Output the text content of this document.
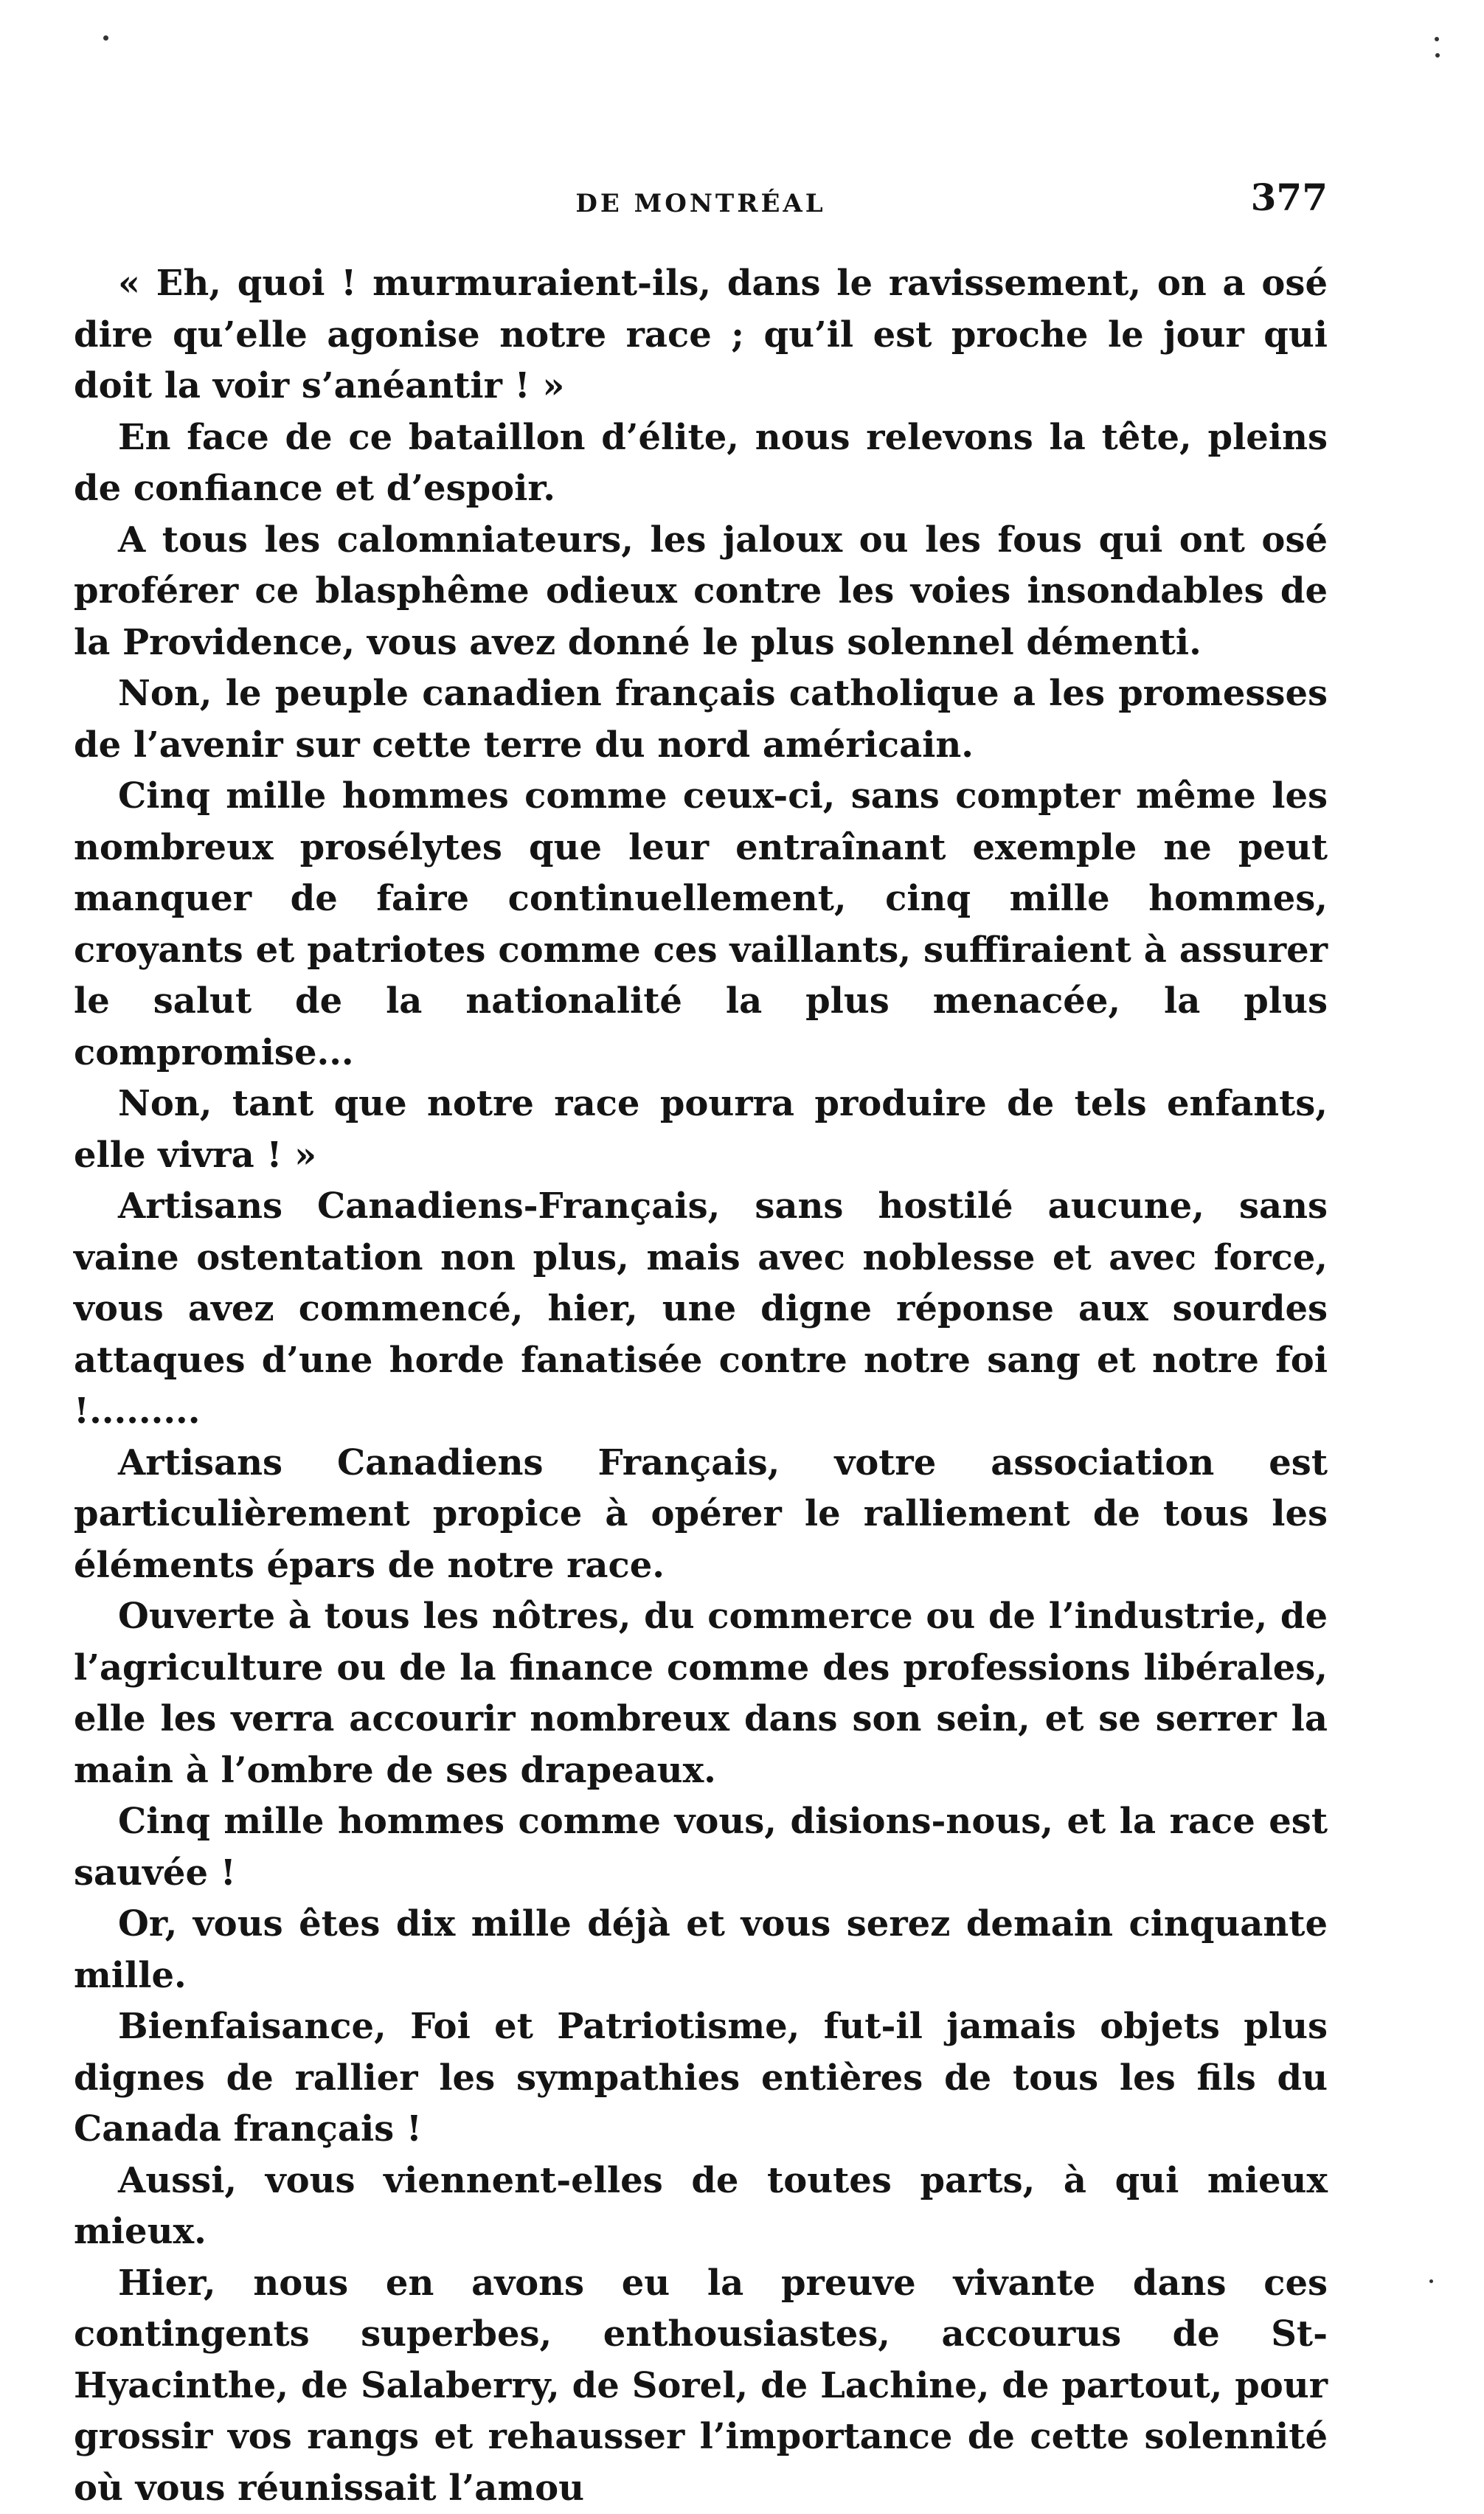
DE MONTRÉAL	377

« Eh, quoi ! murmuraient-ils, dans le ravissement, on a osé dire qu’elle agonise notre race ; qu’il est proche le jour qui doit la voir s’anéantir ! »

En face de ce bataillon d’élite, nous relevons la tête, pleins de confiance et d’espoir.

A tous les calomniateurs, les jaloux ou les fous qui ont osé proférer ce blasphême odieux contre les voies insondables de la Providence, vous avez donné le plus solennel démenti.

Non, le peuple canadien français catholique a les promesses de l’avenir sur cette terre du nord américain.

Cinq mille hommes comme ceux-ci, sans compter même les nombreux prosélytes que leur entraînant exemple ne peut manquer de faire continuellement, cinq mille hommes, croyants et patriotes comme ces vaillants, suffiraient à assurer le salut de la nationalité la plus menacée, la plus compromise...

Non, tant que notre race pourra produire de tels enfants, elle vivra ! »

Artisans Canadiens-Français, sans hostilé aucune, sans vaine ostentation non plus, mais avec noblesse et avec force, vous avez commencé, hier, une digne réponse aux sourdes attaques d’une horde fanatisée contre notre sang et notre foi !.........

Artisans Canadiens Français, votre association est particulièrement propice à opérer le ralliement de tous les éléments épars de notre race.

Ouverte à tous les nôtres, du commerce ou de l’industrie, de l’agriculture ou de la finance comme des professions libérales, elle les verra accourir nombreux dans son sein, et se serrer la main à l’ombre de ses drapeaux.

Cinq mille hommes comme vous, disions-nous, et la race est sauvée !

Or, vous êtes dix mille déjà et vous serez demain cinquante mille.

Bienfaisance, Foi et Patriotisme, fut-il jamais objets plus dignes de rallier les sympathies entières de tous les fils du Canada français !

Aussi, vous viennent-elles de toutes parts, à qui mieux mieux.

Hier, nous en avons eu la preuve vivante dans ces contingents superbes, enthousiastes, accourus de St-Hyacinthe, de Salaberry, de Sorel, de Lachine, de partout, pour grossir vos rangs et rehausser l’importance de cette solennité où vous réunissait l’amou
